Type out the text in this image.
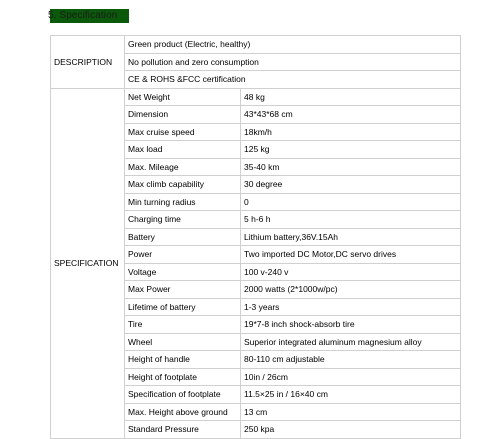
5. Specification
DESCRIPTION	Green product (Electric, healthy)	
	No pollution and zero consumption	
	CE & ROHS &FCC certification	
SPECIFICATION	Net Weight	48 kg
	Dimension	43*43*68 cm
	Max cruise speed	18km/h
	Max load	125 kg
	Max. Mileage	35-40 km
	Max climb capability	30 degree
	Min turning radius	0
	Charging time	5 h-6 h
	Battery	Lithium battery,36V.15Ah
	Power	Two imported DC Motor,DC servo drives
	Voltage	100 v-240 v
	Max Power	2000 watts (2*1000w/pc)
	Lifetime of battery	1-3 years
	Tire	19*7-8 inch shock-absorb tire
	Wheel	Superior integrated aluminum magnesium alloy
	Height of handle	80-110 cm adjustable
	Height of footplate	10in / 26cm
	Specification of footplate	11.5×25 in / 16×40 cm
	Max. Height above ground	13 cm
	Standard Pressure	250 kpa
